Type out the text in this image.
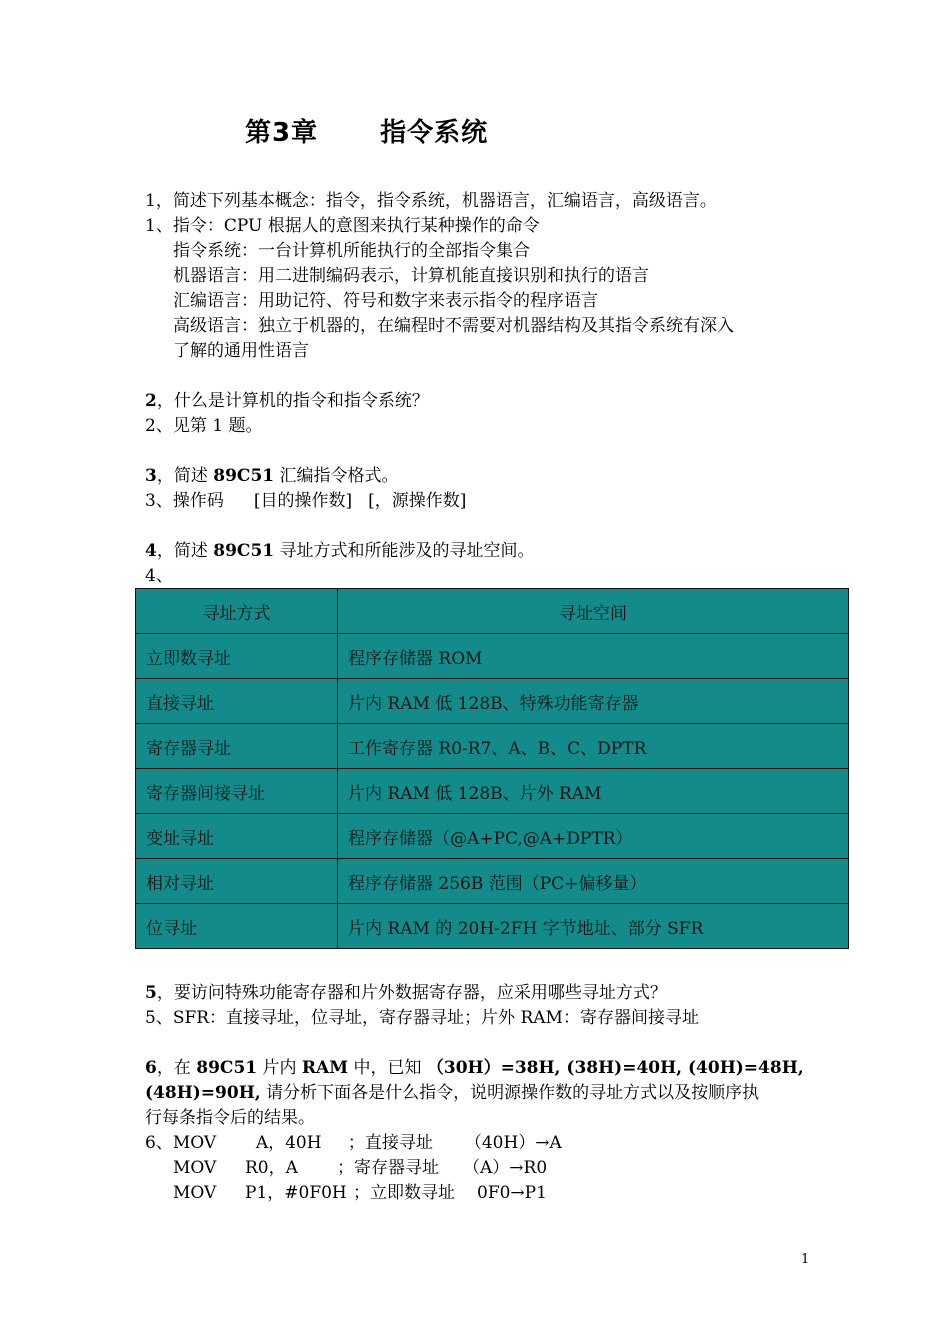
第3章 指令系统
1，简述下列基本概念：指令，指令系统，机器语言，汇编语言，高级语言。
1、指令：CPU 根据人的意图来执行某种操作的命令
指令系统：一台计算机所能执行的全部指令集合
机器语言：用二进制编码表示，计算机能直接识别和执行的语言
汇编语言：用助记符、符号和数字来表示指令的程序语言
高级语言：独立于机器的，在编程时不需要对机器结构及其指令系统有深入
了解的通用性语言
2，什么是计算机的指令和指令系统？
2、见第 1 题。
3，简述 89C51 汇编指令格式。
3、操作码 [目的操作数] [，源操作数]
4，简述 89C51 寻址方式和所能涉及的寻址空间。
4、
寻址方式	寻址空间
立即数寻址	程序存储器 ROM
直接寻址	片内 RAM 低 128B、特殊功能寄存器
寄存器寻址	工作寄存器 R0-R7、A、B、C、DPTR
寄存器间接寻址	片内 RAM 低 128B、片外 RAM
变址寻址	程序存储器（@A+PC,@A+DPTR）
相对寻址	程序存储器 256B 范围（PC+偏移量）
位寻址	片内 RAM 的 20H-2FH 字节地址、部分 SFR
5，要访问特殊功能寄存器和片外数据寄存器，应采用哪些寻址方式？
5、SFR：直接寻址，位寻址，寄存器寻址；片外 RAM：寄存器间接寻址
6，在 89C51 片内 RAM 中，已知 （30H）=38H, (38H)=40H, (40H)=48H,
(48H)=90H, 请分析下面各是什么指令，说明源操作数的寻址方式以及按顺序执
行每条指令后的结果。
6、MOV A，40H ；直接寻址 （40H）→A
MOV R0，A ；寄存器寻址 （A）→R0
MOV P1，#0F0H ；立即数寻址 0F0→P1
1
